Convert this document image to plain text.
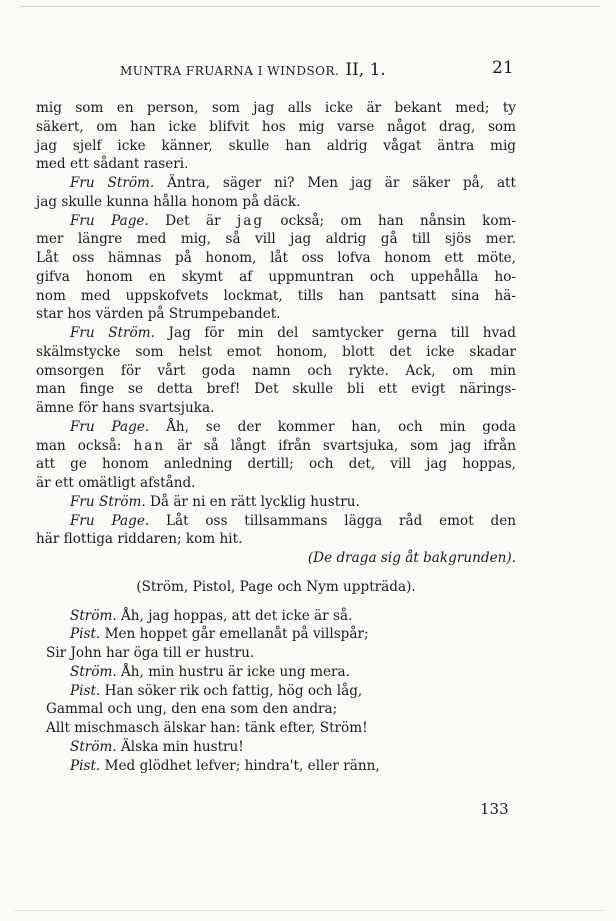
MUNTRA FRUARNA I WINDSOR. II, 1.	21
mig som en person, som jag alls icke är bekant med; ty
säkert, om han icke blifvit hos mig varse något drag, som
jag sjelf icke känner, skulle han aldrig vågat äntra mig
med ett sådant raseri.
Fru Ström. Äntra, säger ni? Men jag är säker på, att
jag skulle kunna hålla honom på däck.
Fru Page. Det är jag också; om han nånsin kom-
mer längre med mig, så vill jag aldrig gå till sjös mer.
Låt oss hämnas på honom, låt oss lofva honom ett möte,
gifva honom en skymt af uppmuntran och uppehålla ho-
nom med uppskofvets lockmat, tills han pantsatt sina hä-
star hos värden på Strumpebandet.
Fru Ström. Jag för min del samtycker gerna till hvad
skälmstycke som helst emot honom, blott det icke skadar
omsorgen för vårt goda namn och rykte. Ack, om min
man finge se detta bref! Det skulle bli ett evigt närings-
ämne för hans svartsjuka.
Fru Page. Åh, se der kommer han, och min goda
man också: han är så långt ifrån svartsjuka, som jag ifrån
att ge honom anledning dertill; och det, vill jag hoppas,
är ett omätligt afstånd.
Fru Ström. Då är ni en rätt lycklig hustru.
Fru Page. Låt oss tillsammans lägga råd emot den
här flottiga riddaren; kom hit.
(De draga sig åt bakgrunden).
(Ström, Pistol, Page och Nym uppträda).
Ström. Åh, jag hoppas, att det icke är så.
Pist. Men hoppet går emellanåt på villspår;
Sir John har öga till er hustru.
Ström. Åh, min hustru är icke ung mera.
Pist. Han söker rik och fattig, hög och låg,
Gammal och ung, den ena som den andra;
Allt mischmasch älskar han: tänk efter, Ström!
Ström. Älska min hustru!
Pist. Med glödhet lefver; hindra't, eller ränn,
133
